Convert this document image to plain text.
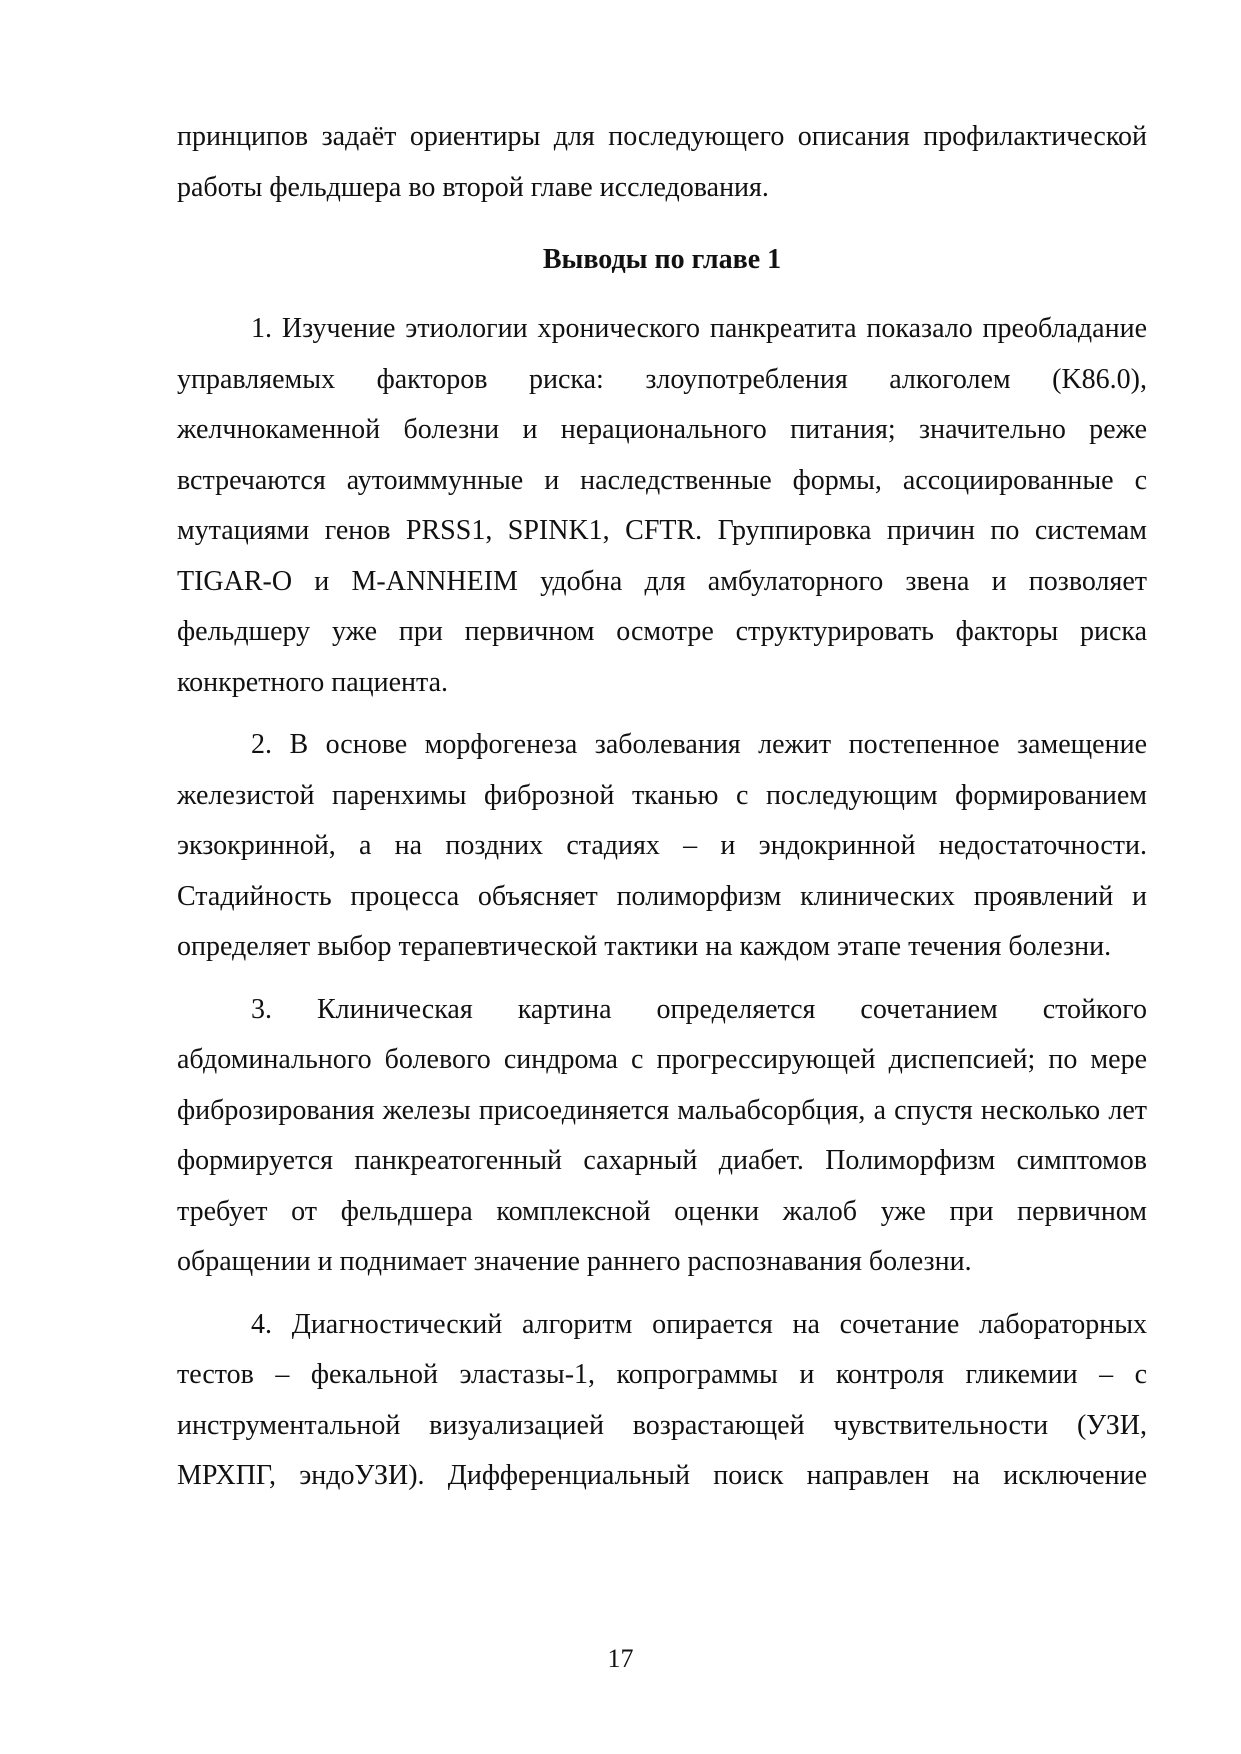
принципов задаёт ориентиры для последующего описания профилактической работы фельдшера во второй главе исследования.

Выводы по главе 1

1. Изучение этиологии хронического панкреатита показало преобладание управляемых факторов риска: злоупотребления алкоголем (K86.0), желчнокаменной болезни и нерационального питания; значительно реже встречаются аутоиммунные и наследственные формы, ассоциированные с мутациями генов PRSS1, SPINK1, CFTR. Группировка причин по системам TIGAR-O и M-ANNHEIM удобна для амбулаторного звена и позволяет фельдшеру уже при первичном осмотре структурировать факторы риска конкретного пациента.

2. В основе морфогенеза заболевания лежит постепенное замещение железистой паренхимы фиброзной тканью с последующим формированием экзокринной, а на поздних стадиях – и эндокринной недостаточности. Стадийность процесса объясняет полиморфизм клинических проявлений и определяет выбор терапевтической тактики на каждом этапе течения болезни.

3. Клиническая картина определяется сочетанием стойкого абдоминального болевого синдрома с прогрессирующей диспепсией; по мере фиброзирования железы присоединяется мальабсорбция, а спустя несколько лет формируется панкреатогенный сахарный диабет. Полиморфизм симптомов требует от фельдшера комплексной оценки жалоб уже при первичном обращении и поднимает значение раннего распознавания болезни.

4. Диагностический алгоритм опирается на сочетание лабораторных тестов – фекальной эластазы-1, копрограммы и контроля гликемии – с инструментальной визуализацией возрастающей чувствительности (УЗИ, МРХПГ, эндоУЗИ). Дифференциальный поиск направлен на исключение

17
